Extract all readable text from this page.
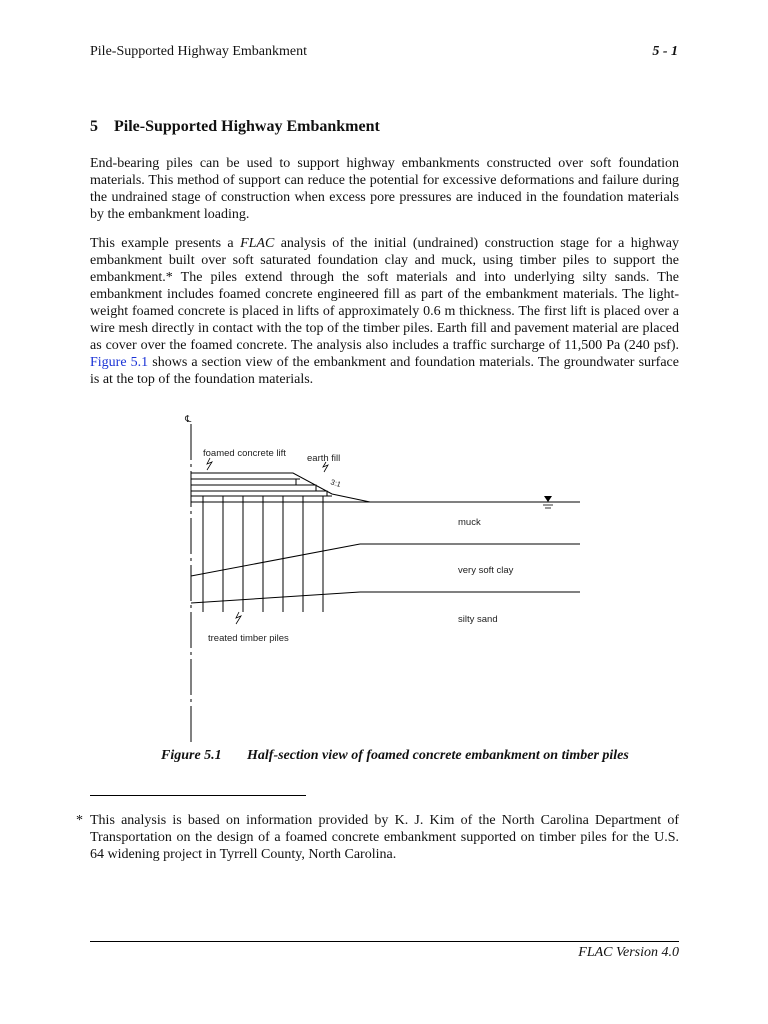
Pile-Supported Highway Embankment	5 - 1
5 Pile-Supported Highway Embankment

End-bearing piles can be used to support highway embankments constructed over soft foundation materials. This method of support can reduce the potential for excessive deformations and failure during the undrained stage of construction when excess pore pressures are induced in the foundation materials by the embankment loading.

This example presents a FLAC analysis of the initial (undrained) construction stage for a highway embankment built over soft saturated foundation clay and muck, using timber piles to support the embankment.* The piles extend through the soft materials and into underlying silty sands. The embankment includes foamed concrete engineered fill as part of the embankment materials. The light-weight foamed concrete is placed in lifts of approximately 0.6 m thickness. The first lift is placed over a wire mesh directly in contact with the top of the timber piles. Earth fill and pavement material are placed as cover over the foamed concrete. The analysis also includes a traffic surcharge of 11,500 Pa (240 psf). Figure 5.1 shows a section view of the embankment and foundation materials. The groundwater surface is at the top of the foundation materials.

℄
foamed concrete lift earth fill
3:1
muck
very soft clay
silty sand
treated timber piles
Figure 5.1 Half-section view of foamed concrete embankment on timber piles
* This analysis is based on information provided by K. J. Kim of the North Carolina Department of Transportation on the design of a foamed concrete embankment supported on timber piles for the U.S. 64 widening project in Tyrrell County, North Carolina.

FLAC Version 4.0
